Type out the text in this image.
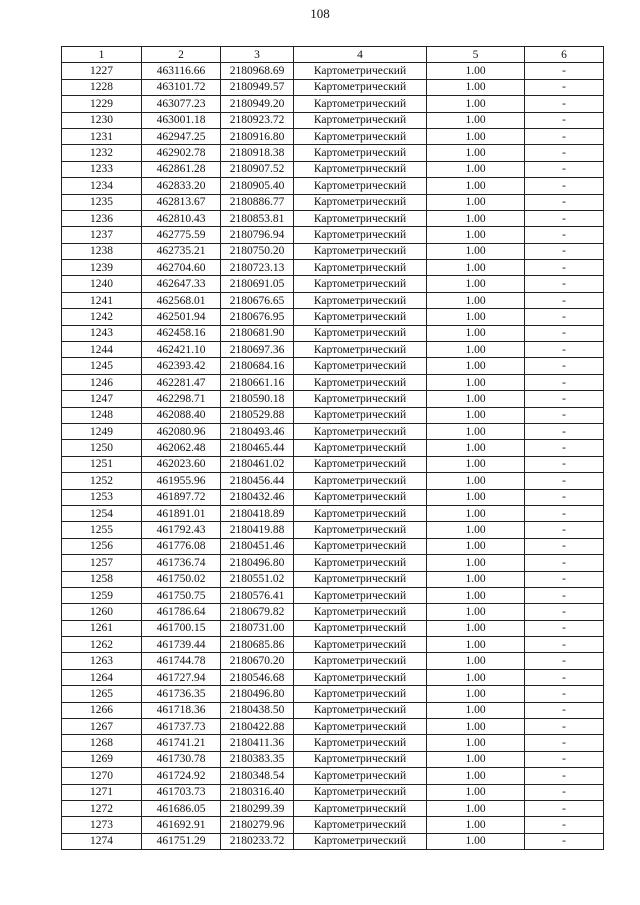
108
1	2	3	4	5	6
1227	463116.66	2180968.69	Картометрический	1.00	-
1228	463101.72	2180949.57	Картометрический	1.00	-
1229	463077.23	2180949.20	Картометрический	1.00	-
1230	463001.18	2180923.72	Картометрический	1.00	-
1231	462947.25	2180916.80	Картометрический	1.00	-
1232	462902.78	2180918.38	Картометрический	1.00	-
1233	462861.28	2180907.52	Картометрический	1.00	-
1234	462833.20	2180905.40	Картометрический	1.00	-
1235	462813.67	2180886.77	Картометрический	1.00	-
1236	462810.43	2180853.81	Картометрический	1.00	-
1237	462775.59	2180796.94	Картометрический	1.00	-
1238	462735.21	2180750.20	Картометрический	1.00	-
1239	462704.60	2180723.13	Картометрический	1.00	-
1240	462647.33	2180691.05	Картометрический	1.00	-
1241	462568.01	2180676.65	Картометрический	1.00	-
1242	462501.94	2180676.95	Картометрический	1.00	-
1243	462458.16	2180681.90	Картометрический	1.00	-
1244	462421.10	2180697.36	Картометрический	1.00	-
1245	462393.42	2180684.16	Картометрический	1.00	-
1246	462281.47	2180661.16	Картометрический	1.00	-
1247	462298.71	2180590.18	Картометрический	1.00	-
1248	462088.40	2180529.88	Картометрический	1.00	-
1249	462080.96	2180493.46	Картометрический	1.00	-
1250	462062.48	2180465.44	Картометрический	1.00	-
1251	462023.60	2180461.02	Картометрический	1.00	-
1252	461955.96	2180456.44	Картометрический	1.00	-
1253	461897.72	2180432.46	Картометрический	1.00	-
1254	461891.01	2180418.89	Картометрический	1.00	-
1255	461792.43	2180419.88	Картометрический	1.00	-
1256	461776.08	2180451.46	Картометрический	1.00	-
1257	461736.74	2180496.80	Картометрический	1.00	-
1258	461750.02	2180551.02	Картометрический	1.00	-
1259	461750.75	2180576.41	Картометрический	1.00	-
1260	461786.64	2180679.82	Картометрический	1.00	-
1261	461700.15	2180731.00	Картометрический	1.00	-
1262	461739.44	2180685.86	Картометрический	1.00	-
1263	461744.78	2180670.20	Картометрический	1.00	-
1264	461727.94	2180546.68	Картометрический	1.00	-
1265	461736.35	2180496.80	Картометрический	1.00	-
1266	461718.36	2180438.50	Картометрический	1.00	-
1267	461737.73	2180422.88	Картометрический	1.00	-
1268	461741.21	2180411.36	Картометрический	1.00	-
1269	461730.78	2180383.35	Картометрический	1.00	-
1270	461724.92	2180348.54	Картометрический	1.00	-
1271	461703.73	2180316.40	Картометрический	1.00	-
1272	461686.05	2180299.39	Картометрический	1.00	-
1273	461692.91	2180279.96	Картометрический	1.00	-
1274	461751.29	2180233.72	Картометрический	1.00	-
